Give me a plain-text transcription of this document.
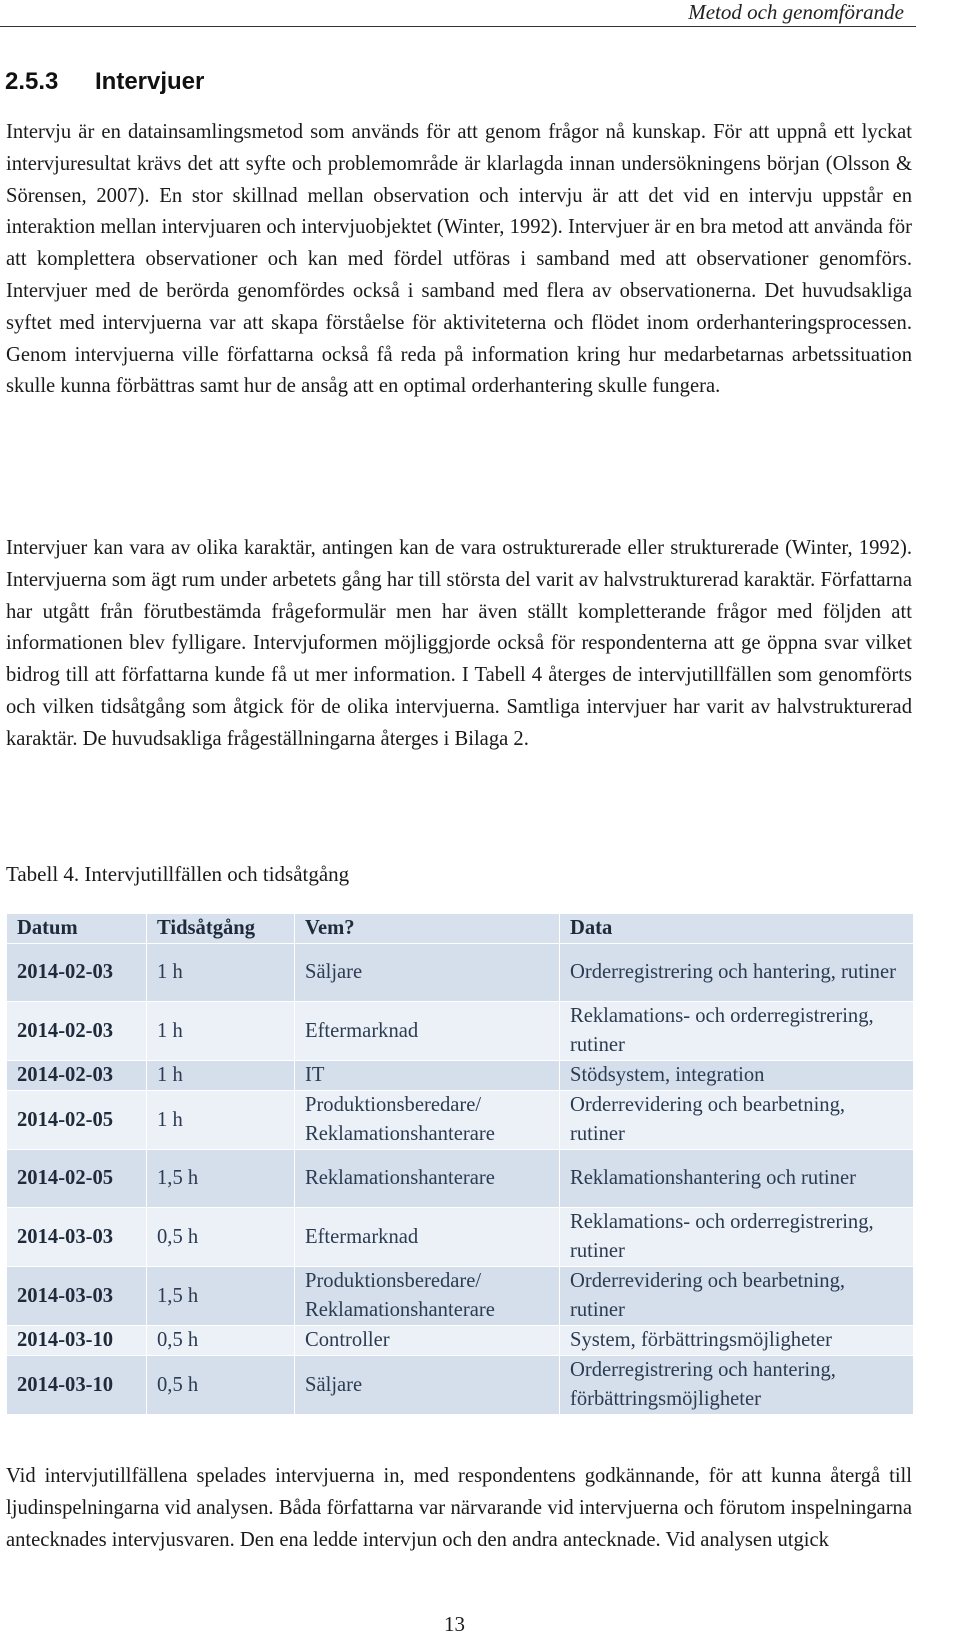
Metod och genomförande
2.5.3	Intervjuer

Intervju är en datainsamlingsmetod som används för att genom frågor nå kunskap. För att uppnå ett lyckat intervjuresultat krävs det att syfte och problemområde är klarlagda innan undersökningens början (Olsson & Sörensen, 2007). En stor skillnad mellan observation och intervju är att det vid en intervju uppstår en interaktion mellan intervjuaren och intervjuobjektet (Winter, 1992). Intervjuer är en bra metod att använda för att komplettera observationer och kan med fördel utföras i samband med att observationer genomförs. Intervjuer med de berörda genomfördes också i samband med flera av observationerna. Det huvudsakliga syftet med intervjuerna var att skapa förståelse för aktiviteterna och flödet inom orderhanteringsprocessen. Genom intervjuerna ville författarna också få reda på information kring hur medarbetarnas arbetssituation skulle kunna förbättras samt hur de ansåg att en optimal orderhantering skulle fungera.

Intervjuer kan vara av olika karaktär, antingen kan de vara ostrukturerade eller strukturerade (Winter, 1992). Intervjuerna som ägt rum under arbetets gång har till största del varit av halvstrukturerad karaktär. Författarna har utgått från förutbestämda frågeformulär men har även ställt kompletterande frågor med följden att informationen blev fylligare. Intervjuformen möjliggjorde också för respondenterna att ge öppna svar vilket bidrog till att författarna kunde få ut mer information. I Tabell 4 återges de intervjutillfällen som genomförts och vilken tidsåtgång som åtgick för de olika intervjuerna. Samtliga intervjuer har varit av halvstrukturerad karaktär. De huvudsakliga frågeställningarna återges i Bilaga 2.

Tabell 4. Intervjutillfällen och tidsåtgång
Datum	Tidsåtgång	Vem?	Data
2014-02-03	1 h	Säljare	Orderregistrering och hantering, rutiner
2014-02-03	1 h	Eftermarknad	Reklamations- och orderregistrering, rutiner
2014-02-03	1 h	IT	Stödsystem, integration
2014-02-05	1 h	Produktionsberedare/ Reklamationshanterare	Orderrevidering och bearbetning, rutiner
2014-02-05	1,5 h	Reklamationshanterare	Reklamationshantering och rutiner
2014-03-03	0,5 h	Eftermarknad	Reklamations- och orderregistrering, rutiner
2014-03-03	1,5 h	Produktionsberedare/ Reklamationshanterare	Orderrevidering och bearbetning, rutiner
2014-03-10	0,5 h	Controller	System, förbättringsmöjligheter
2014-03-10	0,5 h	Säljare	Orderregistrering och hantering, förbättringsmöjligheter

Vid intervjutillfällena spelades intervjuerna in, med respondentens godkännande, för att kunna återgå till ljudinspelningarna vid analysen. Båda författarna var närvarande vid intervjuerna och förutom inspelningarna antecknades intervjusvaren. Den ena ledde intervjun och den andra antecknade. Vid analysen utgick

13
